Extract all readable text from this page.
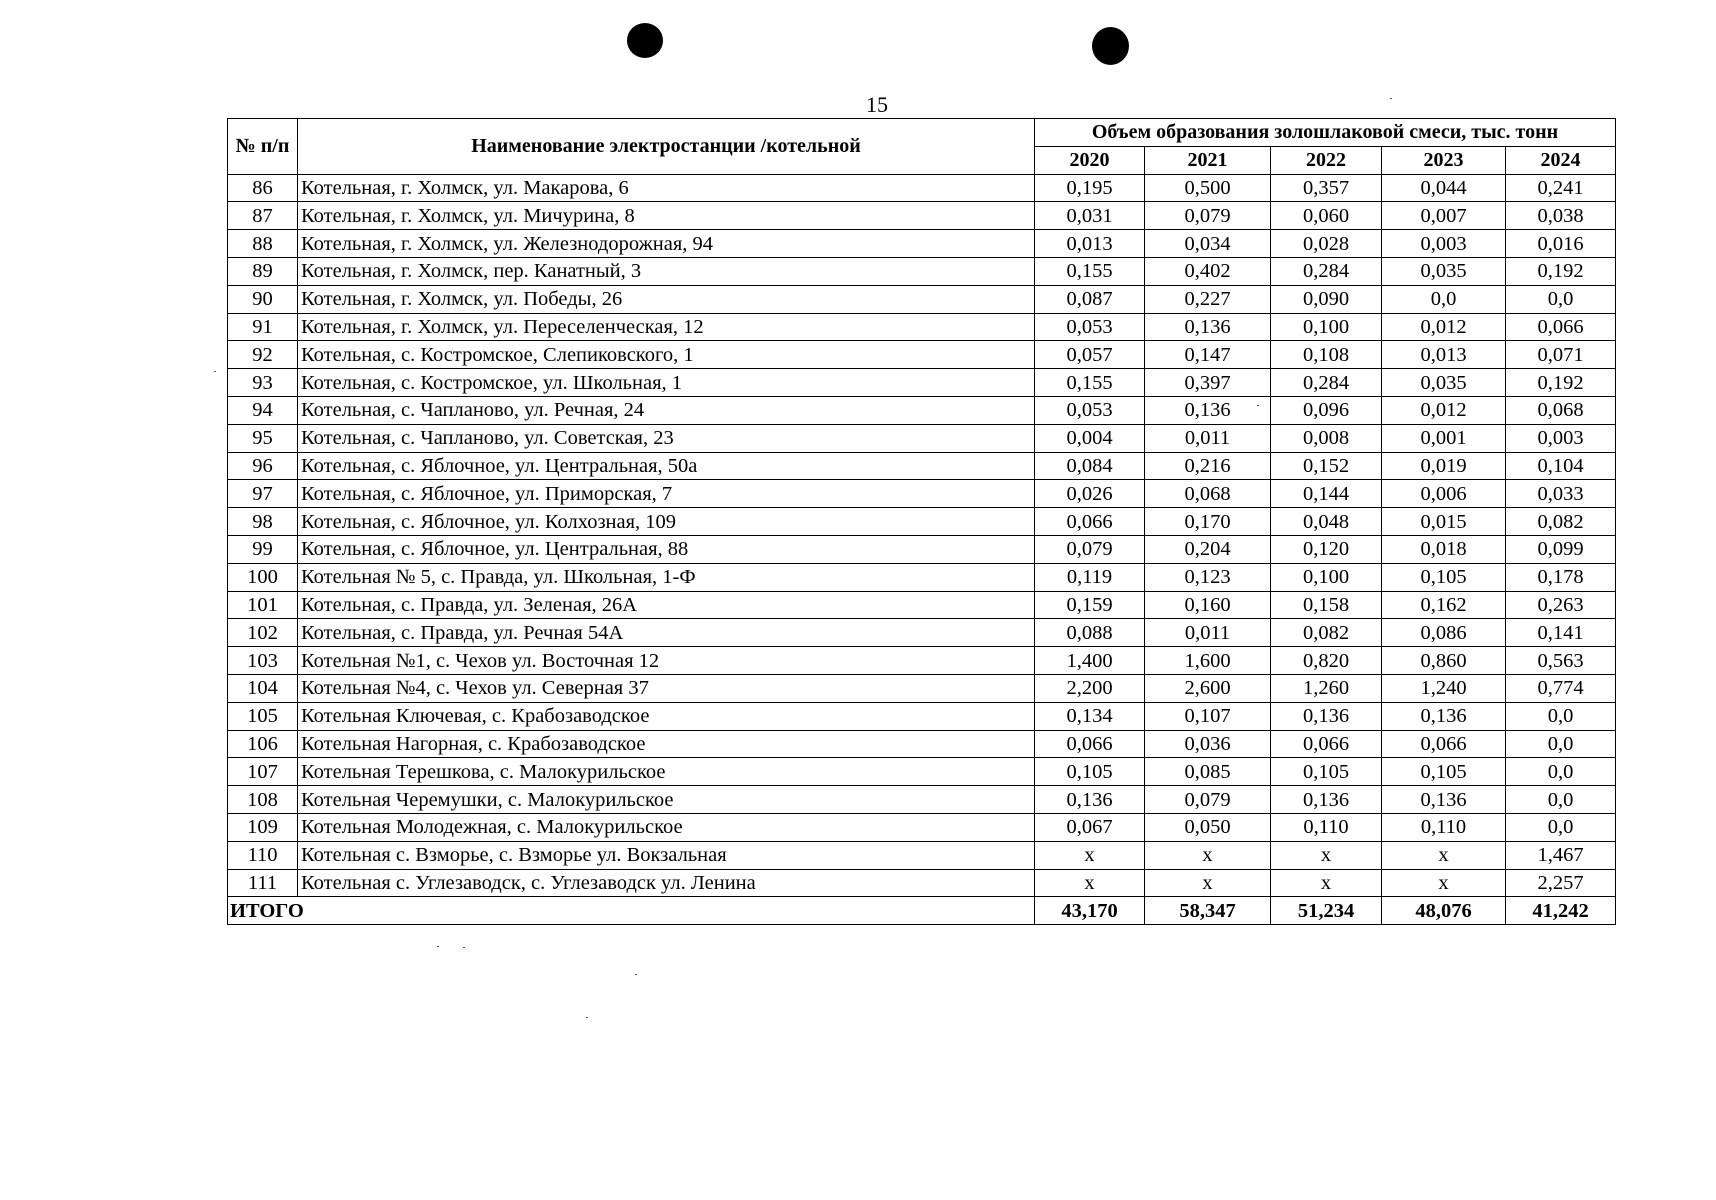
15
№ п/п	Наименование электростанции /котельной	Объем образования золошлаковой смеси, тыс. тонн				
		2020	2021	2022	2023	2024
86	Котельная, г. Холмск, ул. Макарова, 6	0,195	0,500	0,357	0,044	0,241
87	Котельная, г. Холмск, ул. Мичурина, 8	0,031	0,079	0,060	0,007	0,038
88	Котельная, г. Холмск, ул. Железнодорожная, 94	0,013	0,034	0,028	0,003	0,016
89	Котельная, г. Холмск, пер. Канатный, 3	0,155	0,402	0,284	0,035	0,192
90	Котельная, г. Холмск, ул. Победы, 26	0,087	0,227	0,090	0,0	0,0
91	Котельная, г. Холмск, ул. Переселенческая, 12	0,053	0,136	0,100	0,012	0,066
92	Котельная, с. Костромское, Слепиковского, 1	0,057	0,147	0,108	0,013	0,071
93	Котельная, с. Костромское, ул. Школьная, 1	0,155	0,397	0,284	0,035	0,192
94	Котельная, с. Чапланово, ул. Речная, 24	0,053	0,136	0,096	0,012	0,068
95	Котельная, с. Чапланово, ул. Советская, 23	0,004	0,011	0,008	0,001	0,003
96	Котельная, с. Яблочное, ул. Центральная, 50а	0,084	0,216	0,152	0,019	0,104
97	Котельная, с. Яблочное, ул. Приморская, 7	0,026	0,068	0,144	0,006	0,033
98	Котельная, с. Яблочное, ул. Колхозная, 109	0,066	0,170	0,048	0,015	0,082
99	Котельная, с. Яблочное, ул. Центральная, 88	0,079	0,204	0,120	0,018	0,099
100	Котельная № 5, с. Правда, ул. Школьная, 1-Ф	0,119	0,123	0,100	0,105	0,178
101	Котельная, с. Правда, ул. Зеленая, 26А	0,159	0,160	0,158	0,162	0,263
102	Котельная, с. Правда, ул. Речная 54А	0,088	0,011	0,082	0,086	0,141
103	Котельная №1, с. Чехов ул. Восточная 12	1,400	1,600	0,820	0,860	0,563
104	Котельная №4, с. Чехов ул. Северная 37	2,200	2,600	1,260	1,240	0,774
105	Котельная Ключевая, с. Крабозаводское	0,134	0,107	0,136	0,136	0,0
106	Котельная Нагорная, с. Крабозаводское	0,066	0,036	0,066	0,066	0,0
107	Котельная Терешкова, с. Малокурильское	0,105	0,085	0,105	0,105	0,0
108	Котельная Черемушки, с. Малокурильское	0,136	0,079	0,136	0,136	0,0
109	Котельная Молодежная, с. Малокурильское	0,067	0,050	0,110	0,110	0,0
110	Котельная с. Взморье, с. Взморье ул. Вокзальная	х	х	х	х	1,467
111	Котельная с. Углезаводск, с. Углезаводск ул. Ленина	х	х	х	х	2,257
ИТОГО		43,170	58,347	51,234	48,076	41,242
